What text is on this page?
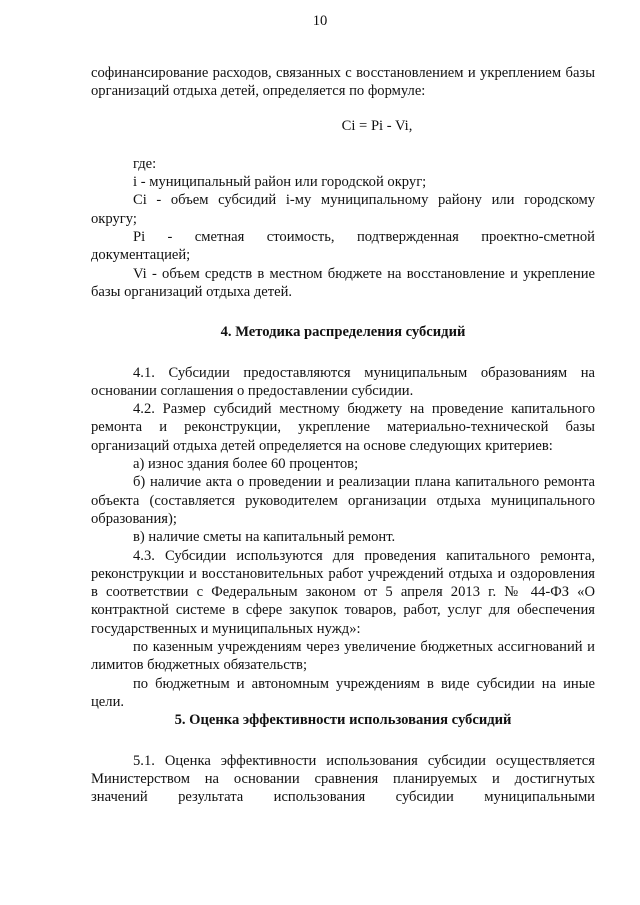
10

софинансирование расходов, связанных с восстановлением и укреплением базы организаций отдыха детей, определяется по формуле:

Ci = Pi - Vi,

где:

i - муниципальный район или городской округ;

Ci - объем субсидий i-му муниципальному району или городскому округу;

Pi - сметная стоимость, подтвержденная проектно-сметной

документацией;

Vi - объем средств в местном бюджете на восстановление и укрепление базы организаций отдыха детей.

4. Методика распределения субсидий

4.1. Субсидии предоставляются муниципальным образованиям на основании соглашения о предоставлении субсидии.

4.2. Размер субсидий местному бюджету на проведение капитального ремонта и реконструкции, укрепление материально-технической базы организаций отдыха детей определяется на основе следующих критериев:

а) износ здания более 60 процентов;

б) наличие акта о проведении и реализации плана капитального ремонта объекта (составляется руководителем организации отдыха муниципального образования);

в) наличие сметы на капитальный ремонт.

4.3. Субсидии используются для проведения капитального ремонта, реконструкции и восстановительных работ учреждений отдыха и оздоровления в соответствии с Федеральным законом от 5 апреля 2013 г. № 44-ФЗ «О контрактной системе в сфере закупок товаров, работ, услуг для обеспечения государственных и муниципальных нужд»:

по казенным учреждениям через увеличение бюджетных ассигнований и лимитов бюджетных обязательств;

по бюджетным и автономным учреждениям в виде субсидии на иные цели.

5. Оценка эффективности использования субсидий

5.1. Оценка эффективности использования субсидии осуществляется Министерством на основании сравнения планируемых и достигнутых

значений результата использования субсидии муниципальными
